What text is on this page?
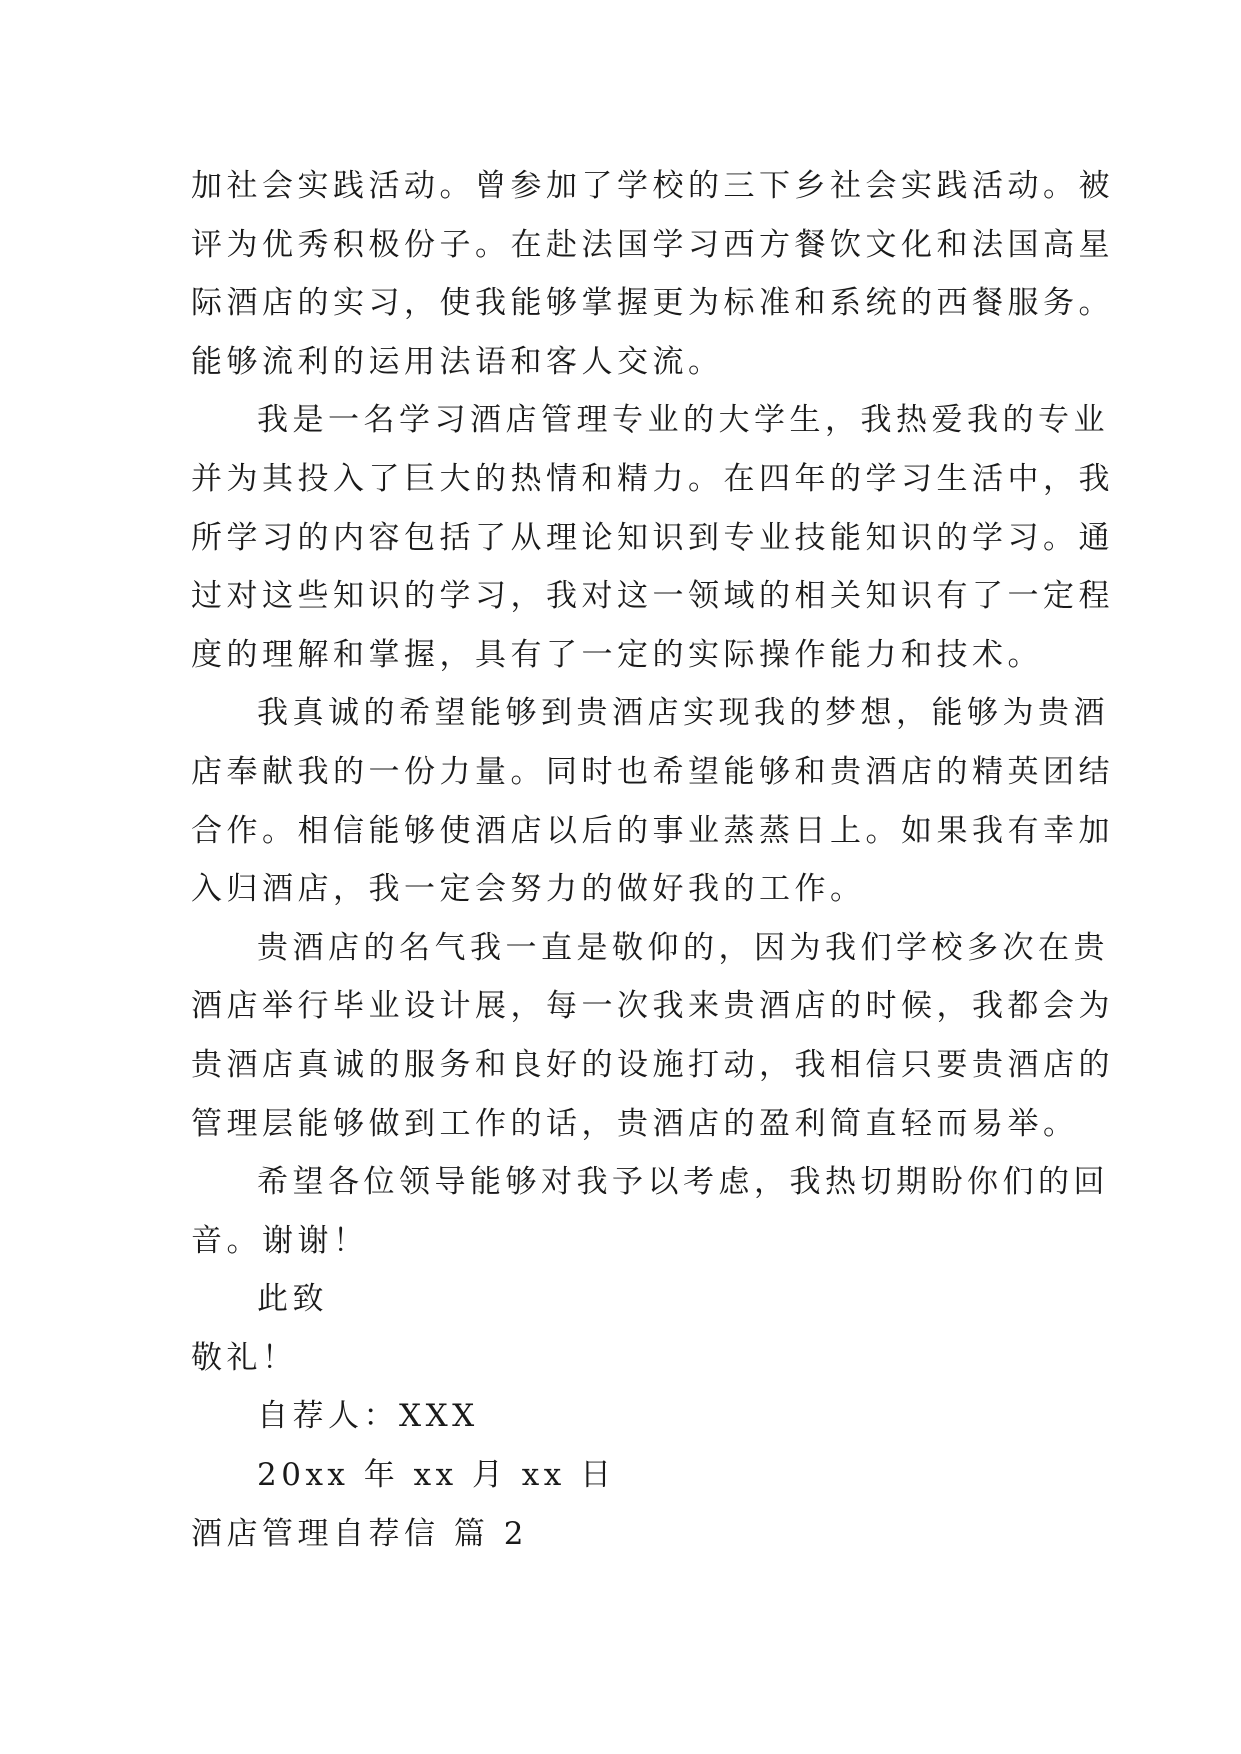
加社会实践活动。曾参加了学校的三下乡社会实践活动。被
评为优秀积极份子。在赴法国学习西方餐饮文化和法国高星
际酒店的实习，使我能够掌握更为标准和系统的西餐服务。
能够流利的运用法语和客人交流。
我是一名学习酒店管理专业的大学生，我热爱我的专业
并为其投入了巨大的热情和精力。在四年的学习生活中，我
所学习的内容包括了从理论知识到专业技能知识的学习。通
过对这些知识的学习，我对这一领域的相关知识有了一定程
度的理解和掌握，具有了一定的实际操作能力和技术。
我真诚的希望能够到贵酒店实现我的梦想，能够为贵酒
店奉献我的一份力量。同时也希望能够和贵酒店的精英团结
合作。相信能够使酒店以后的事业蒸蒸日上。如果我有幸加
入归酒店，我一定会努力的做好我的工作。
贵酒店的名气我一直是敬仰的，因为我们学校多次在贵
酒店举行毕业设计展，每一次我来贵酒店的时候，我都会为
贵酒店真诚的服务和良好的设施打动，我相信只要贵酒店的
管理层能够做到工作的话，贵酒店的盈利简直轻而易举。
希望各位领导能够对我予以考虑，我热切期盼你们的回
音。谢谢！
此致
敬礼！
自荐人：XXX
20xx 年 xx 月 xx 日
酒店管理自荐信 篇 2
